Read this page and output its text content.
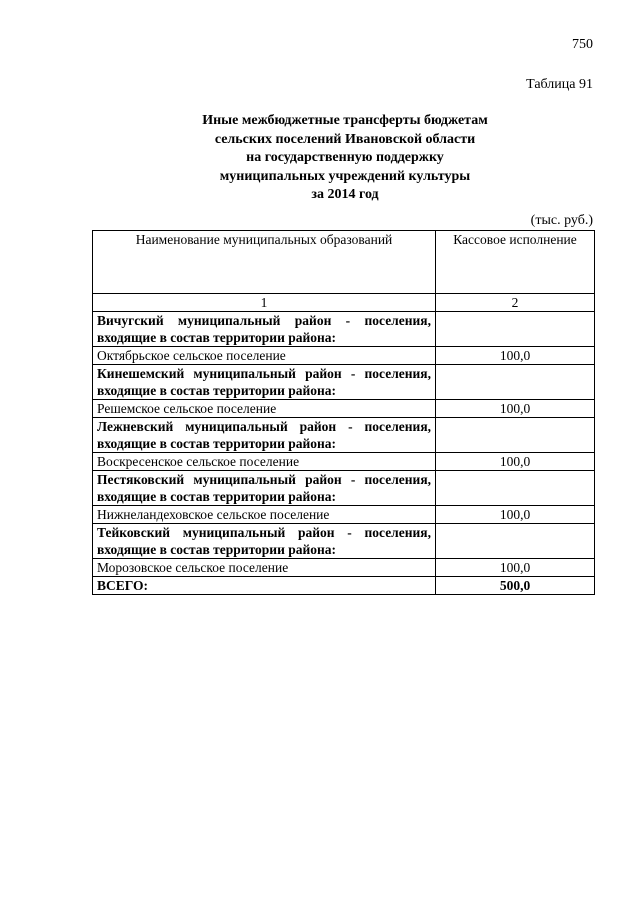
750
Таблица 91
Иные межбюджетные трансферты бюджетам
сельских поселений Ивановской области
на государственную поддержку
муниципальных учреждений культуры
за 2014 год
(тыс. руб.)
Наименование муниципальных образований	Кассовое исполнение
1	2
Вичугский муниципальный район - поселения, входящие в состав территории района:	
Октябрьское сельское поселение	100,0
Кинешемский муниципальный район - поселения, входящие в состав территории района:	
Решемское сельское поселение	100,0
Лежневский муниципальный район - поселения, входящие в состав территории района:	
Воскресенское сельское поселение	100,0
Пестяковский муниципальный район - поселения, входящие в состав территории района:	
Нижнеландеховское сельское поселение	100,0
Тейковский муниципальный район - поселения, входящие в состав территории района:	
Морозовское сельское поселение	100,0
ВСЕГО:	500,0
